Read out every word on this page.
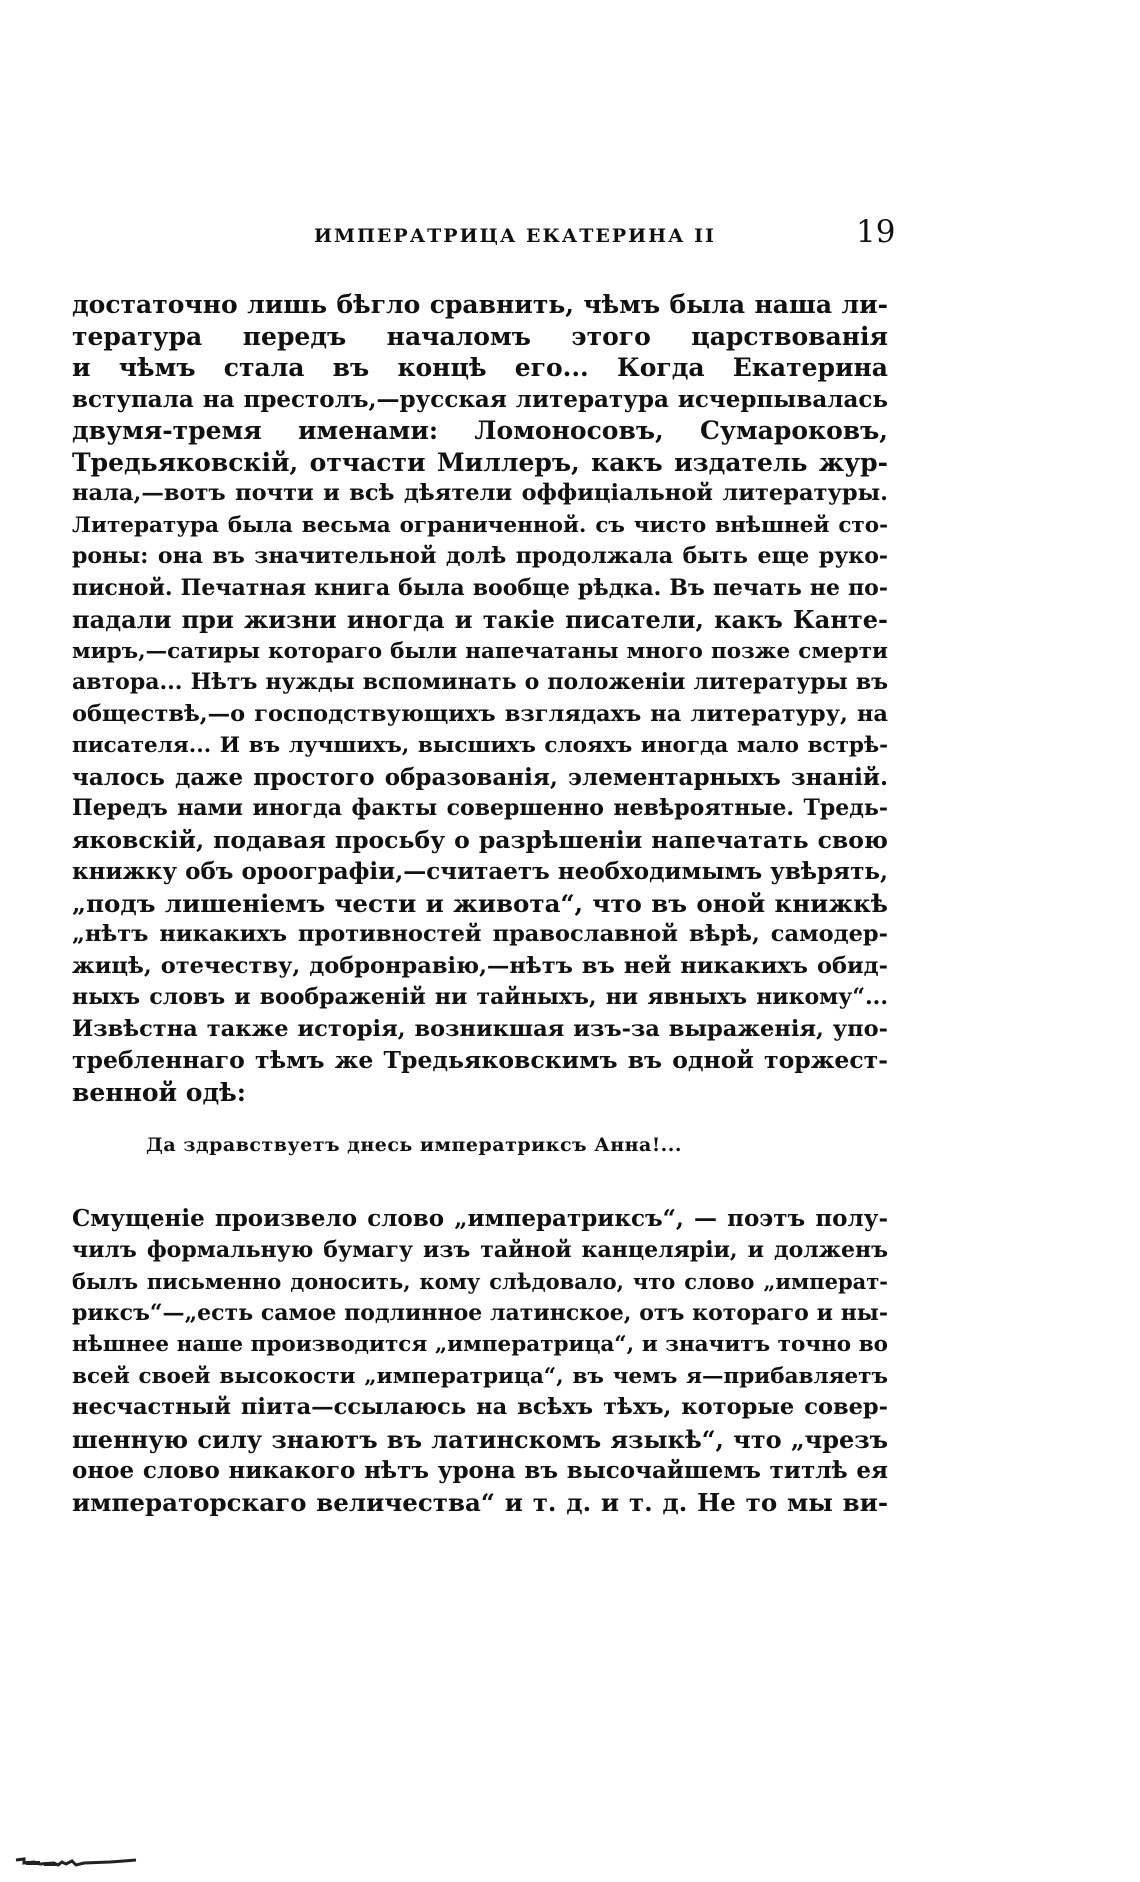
ИМПЕРАТРИЦА ЕКАТЕРИНА II	19
достаточно лишь бѣгло сравнить, чѣмъ была наша ли-
тература передъ началомъ этого царствованія
и чѣмъ стала въ концѣ его... Когда Екатерина
вступала на престолъ,—русская литература исчерпывалась
двумя-тремя именами: Ломоносовъ, Сумароковъ,
Тредьяковскій, отчасти Миллеръ, какъ издатель жур-
нала,—вотъ почти и всѣ дѣятели оффиціальной литературы.
Литература была весьма ограниченной. съ чисто внѣшней сто-
роны: она въ значительной долѣ продолжала быть еще руко-
писной. Печатная книга была вообще рѣдка. Въ печать не по-
падали при жизни иногда и такіе писатели, какъ Канте-
миръ,—сатиры котораго были напечатаны много позже смерти
автора... Нѣтъ нужды вспоминать о положеніи литературы въ
обществѣ,—о господствующихъ взглядахъ на литературу, на
писателя... И въ лучшихъ, высшихъ слояхъ иногда мало встрѣ-
чалось даже простого образованія, элементарныхъ знаній.
Передъ нами иногда факты совершенно невѣроятные. Тредь-
яковскій, подавая просьбу о разрѣшеніи напечатать свою
книжку объ ороографіи,—считаетъ необходимымъ увѣрять,
„подъ лишеніемъ чести и живота“, что въ оной книжкѣ
„нѣтъ никакихъ противностей православной вѣрѣ, самодер-
жицѣ, отечеству, добронравію,—нѣтъ въ ней никакихъ обид-
ныхъ словъ и воображеній ни тайныхъ, ни явныхъ никому“...
Извѣстна также исторія, возникшая изъ-за выраженія, упо-
требленнаго тѣмъ же Тредьяковскимъ въ одной торжест-
венной одѣ:
Да здравствуетъ днесь императриксъ Анна!...
Смущеніе произвело слово „императриксъ“, — поэтъ полу-
чилъ формальную бумагу изъ тайной канцеляріи, и долженъ
былъ письменно доносить, кому слѣдовало, что слово „императ-
риксъ“—„есть самое подлинное латинское, отъ котораго и ны-
нѣшнее наше производится „императрица“, и значитъ точно во
всей своей высокости „императрица“, въ чемъ я—прибавляетъ
несчастный піита—ссылаюсь на всѣхъ тѣхъ, которые совер-
шенную силу знаютъ въ латинскомъ языкѣ“, что „чрезъ
оное слово никакого нѣтъ урона въ высочайшемъ титлѣ ея
императорскаго величества“ и т. д. и т. д. Не то мы ви-
